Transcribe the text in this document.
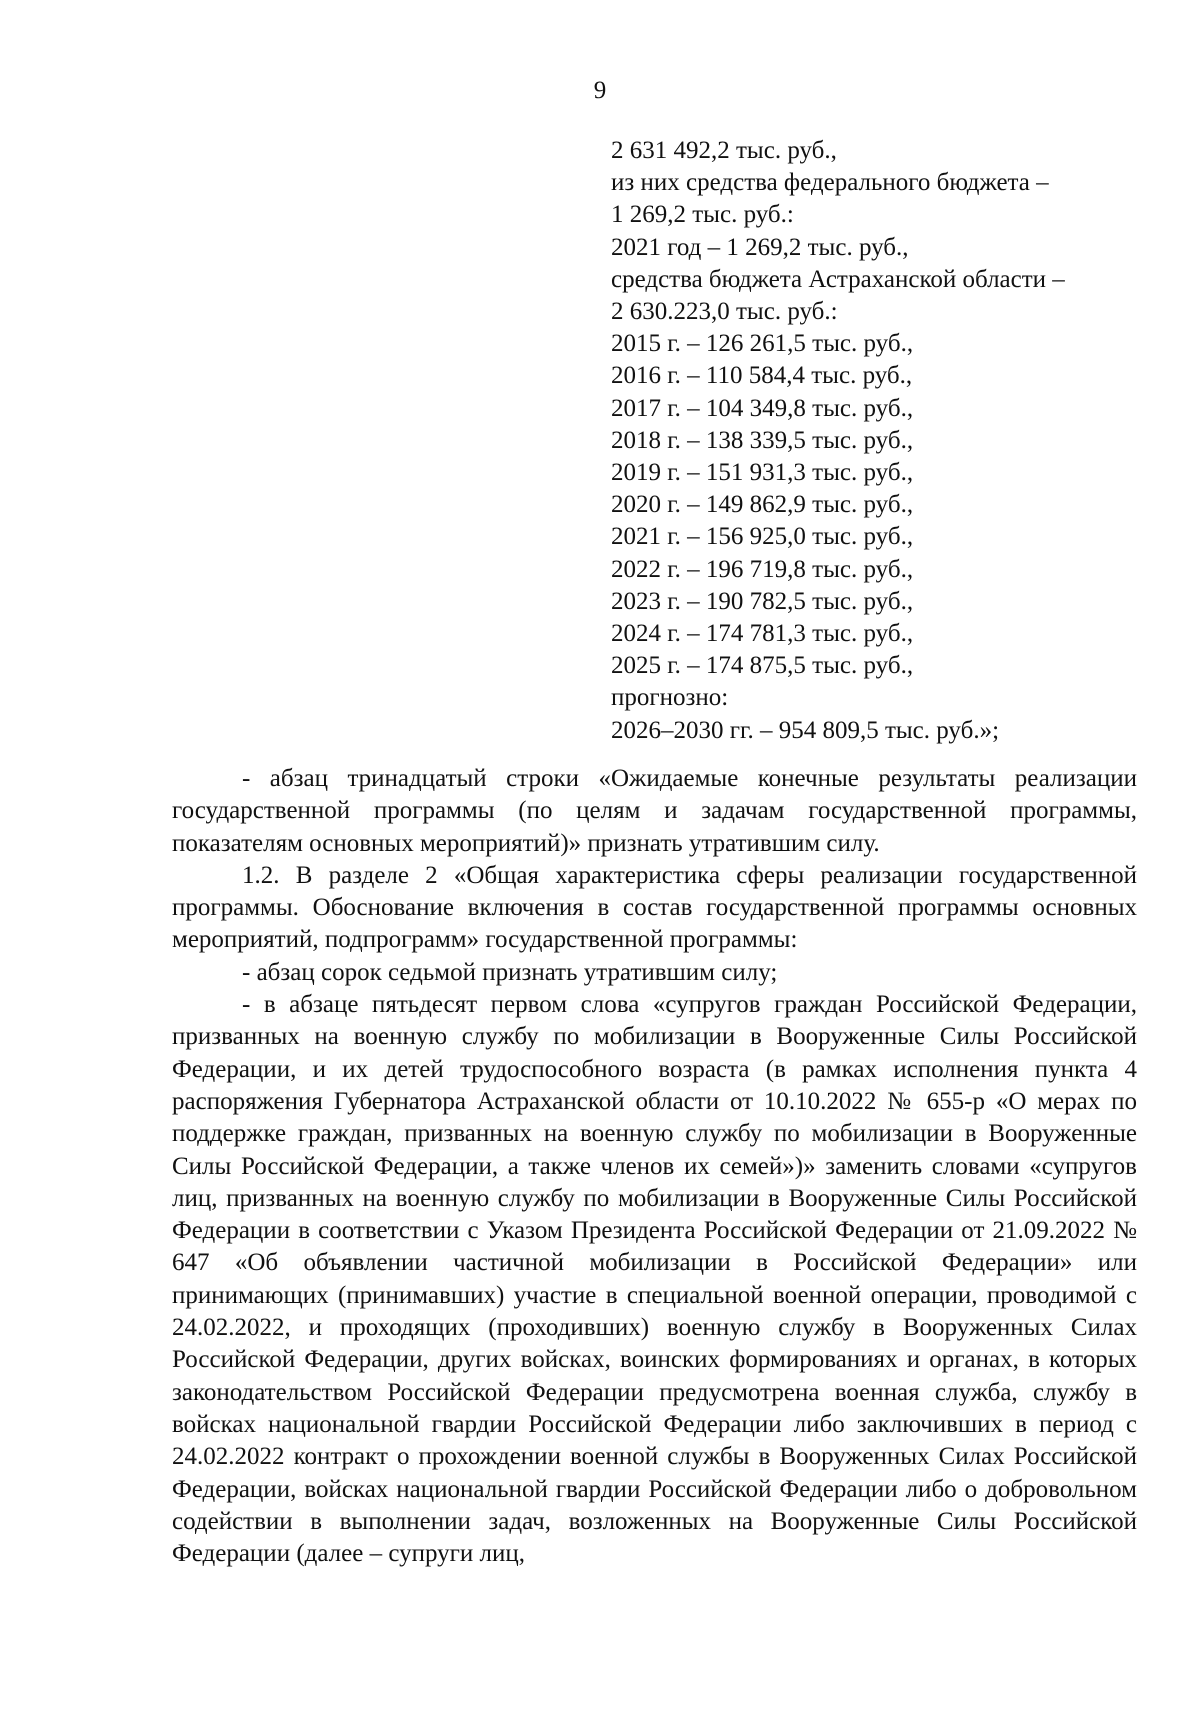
9
2 631 492,2 тыс. руб.,
из них средства федерального бюджета –
1 269,2 тыс. руб.:
2021 год – 1 269,2 тыс. руб.,
средства бюджета Астраханской области –
2 630.223,0 тыс. руб.:
2015 г. – 126 261,5 тыс. руб.,
2016 г. – 110 584,4 тыс. руб.,
2017 г. – 104 349,8 тыс. руб.,
2018 г. – 138 339,5 тыс. руб.,
2019 г. – 151 931,3 тыс. руб.,
2020 г. – 149 862,9 тыс. руб.,
2021 г. – 156 925,0 тыс. руб.,
2022 г. – 196 719,8 тыс. руб.,
2023 г. – 190 782,5 тыс. руб.,
2024 г. – 174 781,3 тыс. руб.,
2025 г. – 174 875,5 тыс. руб.,
прогнозно:
2026–2030 гг. – 954 809,5 тыс. руб.»;

- абзац тринадцатый строки «Ожидаемые конечные результаты реализации государственной программы (по целям и задачам государственной программы, показателям основных мероприятий)» признать утратившим силу.

1.2. В разделе 2 «Общая характеристика сферы реализации государственной программы. Обоснование включения в состав государственной программы основных мероприятий, подпрограмм» государственной программы:

- абзац сорок седьмой признать утратившим силу;

- в абзаце пятьдесят первом слова «супругов граждан Российской Федерации, призванных на военную службу по мобилизации в Вооруженные Силы Российской Федерации, и их детей трудоспособного возраста (в рамках исполнения пункта 4 распоряжения Губернатора Астраханской области от 10.10.2022 № 655-р «О мерах по поддержке граждан, призванных на военную службу по мобилизации в Вооруженные Силы Российской Федерации, а также членов их семей»)» заменить словами «супругов лиц, призванных на военную службу по мобилизации в Вооруженные Силы Российской Федерации в соответствии с Указом Президента Российской Федерации от 21.09.2022 № 647 «Об объявлении частичной мобилизации в Российской Федерации» или принимающих (принимавших) участие в специальной военной операции, проводимой с 24.02.2022, и проходящих (проходивших) военную службу в Вооруженных Силах Российской Федерации, других войсках, воинских формированиях и органах, в которых законодательством Российской Федерации предусмотрена военная служба, службу в войсках национальной гвардии Российской Федерации либо заключивших в период с 24.02.2022 контракт о прохождении военной службы в Вооруженных Силах Российской Федерации, войсках национальной гвардии Российской Федерации либо о добровольном содействии в выполнении задач, возложенных на Вооруженные Силы Российской Федерации (далее – супруги лиц,
